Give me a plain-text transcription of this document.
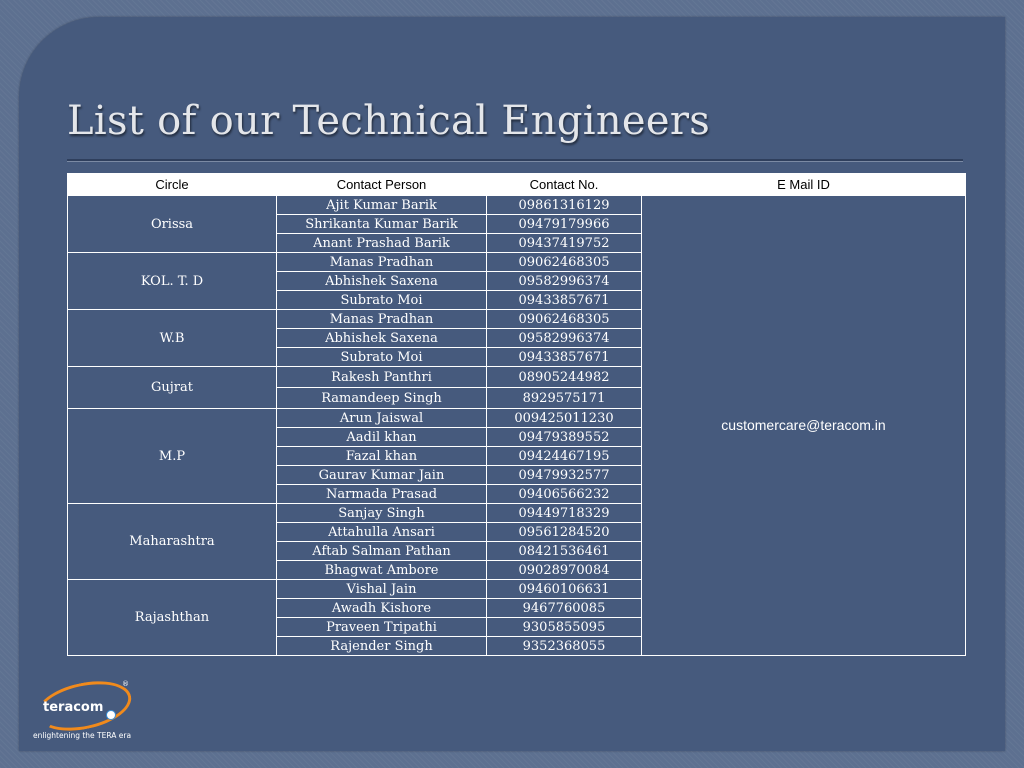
List of our Technical Engineers
Circle	Contact Person	Contact No.	E Mail ID
Orissa	Ajit Kumar Barik	09861316129	customercare@teracom.in
	Shrikanta Kumar Barik	09479179966	
	Anant Prashad Barik	09437419752	
KOL. T. D	Manas Pradhan	09062468305	
	Abhishek Saxena	09582996374	
	Subrato Moi	09433857671	
W.B	Manas Pradhan	09062468305	
	Abhishek Saxena	09582996374	
	Subrato Moi	09433857671	
Gujrat	Rakesh Panthri	08905244982	
	Ramandeep Singh	8929575171	
M.P	Arun Jaiswal	009425011230	
	Aadil khan	09479389552	
	Fazal khan	09424467195	
	Gaurav Kumar Jain	09479932577	
	Narmada Prasad	09406566232	
Maharashtra	Sanjay Singh	09449718329	
	Attahulla Ansari	09561284520	
	Aftab Salman Pathan	08421536461	
	Bhagwat Ambore	09028970084	
Rajashthan	Vishal Jain	09460106631	
	Awadh Kishore	9467760085	
	Praveen Tripathi	9305855095	
	Rajender Singh	9352368055	
teracom
®
enlightening the TERA era
